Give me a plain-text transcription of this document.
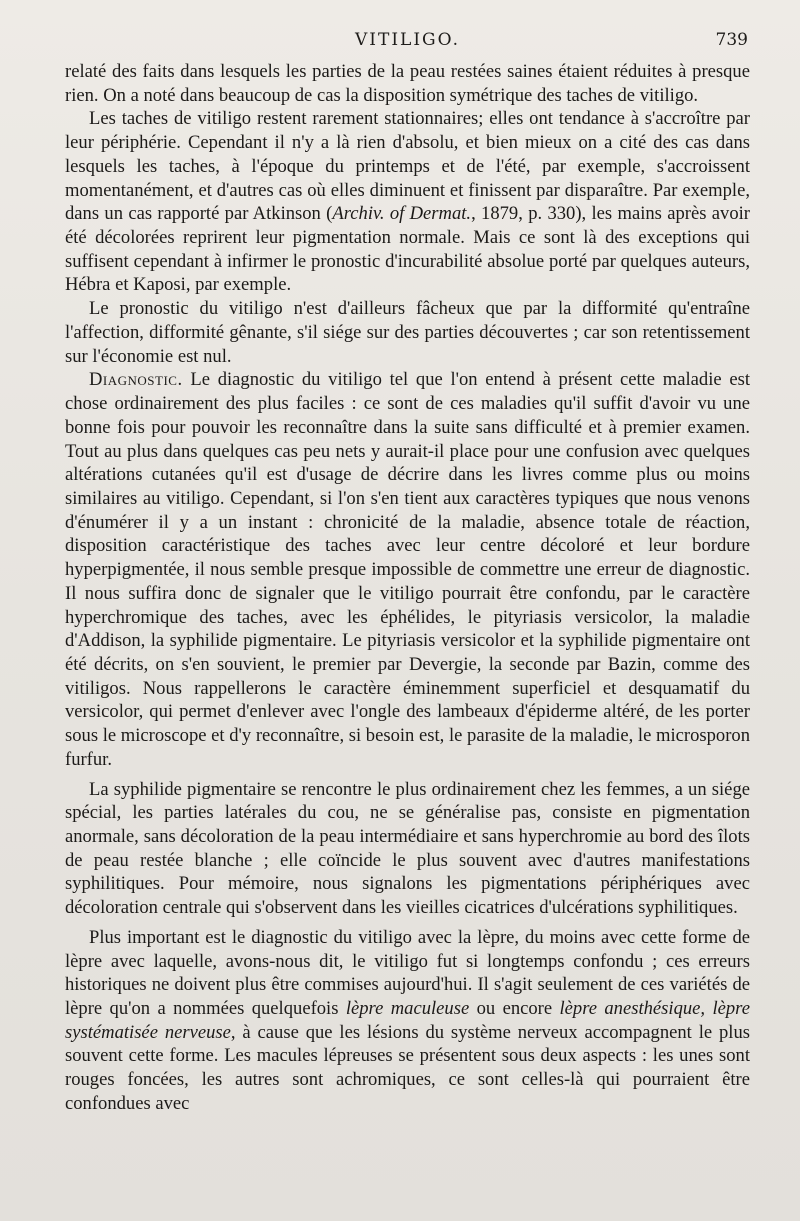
VITILIGO.	739

relaté des faits dans lesquels les parties de la peau restées saines étaient réduites à presque rien. On a noté dans beaucoup de cas la disposition symétrique des taches de vitiligo.

Les taches de vitiligo restent rarement stationnaires; elles ont tendance à s'accroître par leur périphérie. Cependant il n'y a là rien d'absolu, et bien mieux on a cité des cas dans lesquels les taches, à l'époque du printemps et de l'été, par exemple, s'accroissent momentanément, et d'autres cas où elles diminuent et finissent par disparaître. Par exemple, dans un cas rapporté par Atkinson (Archiv. of Dermat., 1879, p. 330), les mains après avoir été décolorées reprirent leur pigmentation normale. Mais ce sont là des exceptions qui suffisent cependant à infirmer le pronostic d'incurabilité absolue porté par quelques auteurs, Hébra et Kaposi, par exemple.

Le pronostic du vitiligo n'est d'ailleurs fâcheux que par la difformité qu'entraîne l'affection, difformité gênante, s'il siége sur des parties découvertes ; car son retentissement sur l'économie est nul.

Diagnostic. Le diagnostic du vitiligo tel que l'on entend à présent cette maladie est chose ordinairement des plus faciles : ce sont de ces maladies qu'il suffit d'avoir vu une bonne fois pour pouvoir les reconnaître dans la suite sans difficulté et à premier examen. Tout au plus dans quelques cas peu nets y aurait-il place pour une confusion avec quelques altérations cutanées qu'il est d'usage de décrire dans les livres comme plus ou moins similaires au vitiligo. Cependant, si l'on s'en tient aux caractères typiques que nous venons d'énumérer il y a un instant : chronicité de la maladie, absence totale de réaction, disposition caractéristique des taches avec leur centre décoloré et leur bordure hyperpigmentée, il nous semble presque impossible de commettre une erreur de diagnostic. Il nous suffira donc de signaler que le vitiligo pourrait être confondu, par le caractère hyperchromique des taches, avec les éphélides, le pityriasis versicolor, la maladie d'Addison, la syphilide pigmentaire. Le pityriasis versicolor et la syphilide pigmentaire ont été décrits, on s'en souvient, le premier par Devergie, la seconde par Bazin, comme des vitiligos. Nous rappellerons le caractère éminemment superficiel et desquamatif du versicolor, qui permet d'enlever avec l'ongle des lambeaux d'épiderme altéré, de les porter sous le microscope et d'y reconnaître, si besoin est, le parasite de la maladie, le microsporon furfur.

La syphilide pigmentaire se rencontre le plus ordinairement chez les femmes, a un siége spécial, les parties latérales du cou, ne se généralise pas, consiste en pigmentation anormale, sans décoloration de la peau intermédiaire et sans hyperchromie au bord des îlots de peau restée blanche ; elle coïncide le plus souvent avec d'autres manifestations syphilitiques. Pour mémoire, nous signalons les pigmentations périphériques avec décoloration centrale qui s'observent dans les vieilles cicatrices d'ulcérations syphilitiques.

Plus important est le diagnostic du vitiligo avec la lèpre, du moins avec cette forme de lèpre avec laquelle, avons-nous dit, le vitiligo fut si longtemps confondu ; ces erreurs historiques ne doivent plus être commises aujourd'hui. Il s'agit seulement de ces variétés de lèpre qu'on a nommées quelquefois lèpre maculeuse ou encore lèpre anesthésique, lèpre systématisée nerveuse, à cause que les lésions du système nerveux accompagnent le plus souvent cette forme. Les macules lépreuses se présentent sous deux aspects : les unes sont rouges foncées, les autres sont achromiques, ce sont celles-là qui pourraient être confondues avec
